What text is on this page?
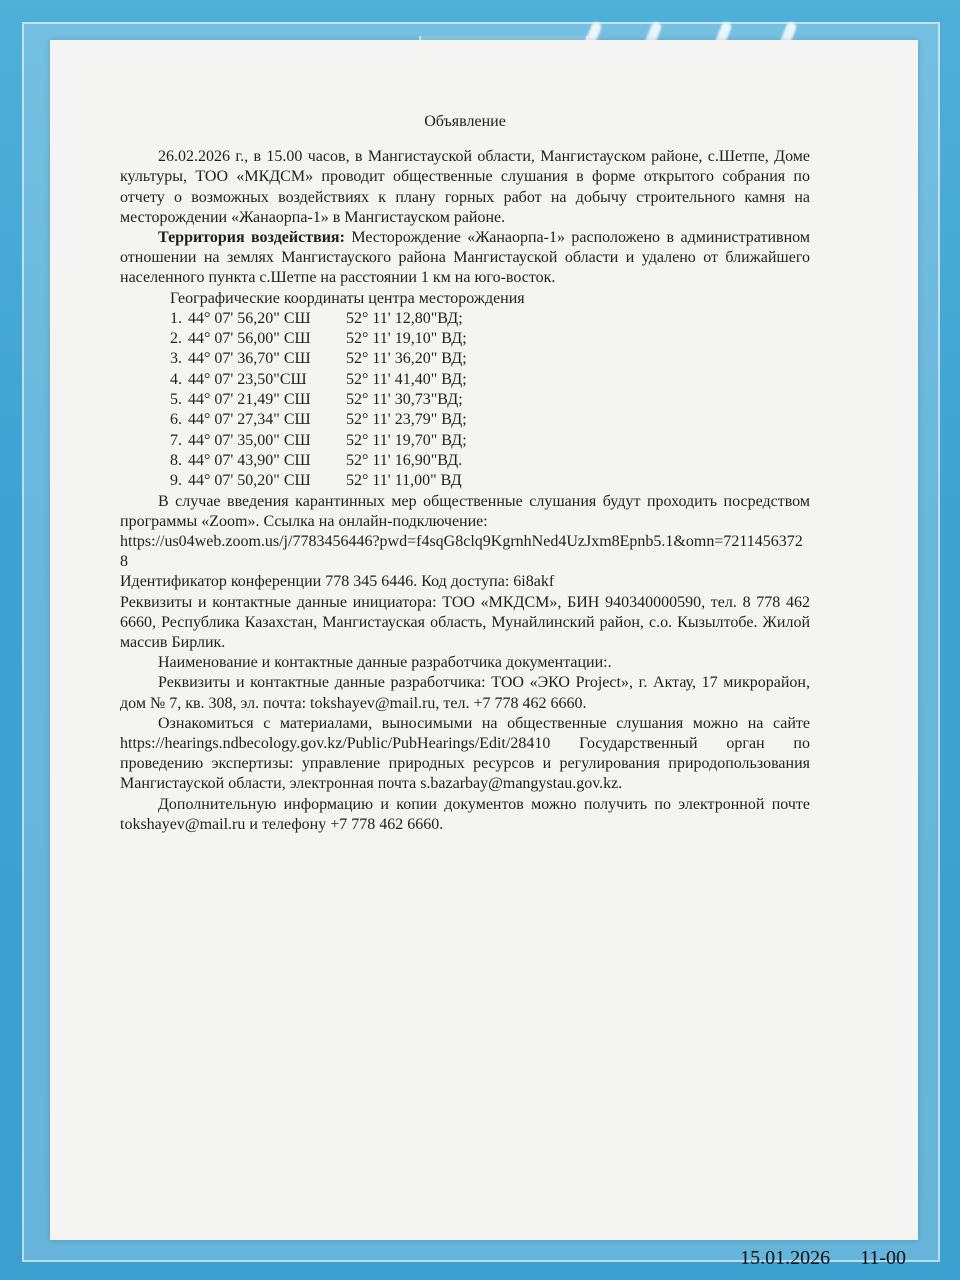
Объявление

26.02.2026 г., в 15.00 часов, в Мангистауской области, Мангистауском районе, с.Шетпе, Доме культуры, ТОО «МКДСМ» проводит общественные слушания в форме открытого собрания по отчету о возможных воздействиях к плану горных работ на добычу строительного камня на месторождении «Жанаорпа-1» в Мангистауском районе.

Территория воздействия: Месторождение «Жанаорпа-1» расположено в административном отношении на землях Мангистауского района Мангистауской области и удалено от ближайшего населенного пункта с.Шетпе на расстоянии 1 км на юго-восток.

Географические координаты центра месторождения

1. 44° 07' 56,20" СШ	52° 11' 12,80"ВД;
2. 44° 07' 56,00" СШ	52° 11' 19,10" ВД;
3. 44° 07' 36,70" СШ	52° 11' 36,20" ВД;
4. 44° 07' 23,50"СШ	52° 11' 41,40" ВД;
5. 44° 07' 21,49" СШ	52° 11' 30,73"ВД;
6. 44° 07' 27,34" СШ	52° 11' 23,79" ВД;
7. 44° 07' 35,00" СШ	52° 11' 19,70" ВД;
8. 44° 07' 43,90" СШ	52° 11' 16,90"ВД.
9. 44° 07' 50,20" СШ	52° 11' 11,00" ВД

В случае введения карантинных мер общественные слушания будут проходить посредством программы «Zoom». Ссылка на онлайн-подключение:

https://us04web.zoom.us/j/7783456446?pwd=f4sqG8clq9KgrnhNed4UzJxm8Epnb5.1&omn=72114563728

Идентификатор конференции 778 345 6446. Код доступа: 6i8akf

Реквизиты и контактные данные инициатора: ТОО «МКДСМ», БИН 940340000590, тел. 8 778 462 6660, Республика Казахстан, Мангистауская область, Мунайлинский район, с.о. Кызылтобе. Жилой массив Бирлик.

Наименование и контактные данные разработчика документации:.

Реквизиты и контактные данные разработчика: ТОО «ЭКО Project», г. Актау, 17 микрорайон, дом № 7, кв. 308, эл. почта: tokshayev@mail.ru, тел. +7 778 462 6660.

Ознакомиться с материалами, выносимыми на общественные слушания можно на сайте https://hearings.ndbecology.gov.kz/Public/PubHearings/Edit/28410 Государственный орган по проведению экспертизы: управление природных ресурсов и регулирования природопользования Мангистауской области, электронная почта s.bazarbay@mangystau.gov.kz.

Дополнительную информацию и копии документов можно получить по электронной почте tokshayev@mail.ru и телефону +7 778 462 6660.

15.01.2026 11-00
